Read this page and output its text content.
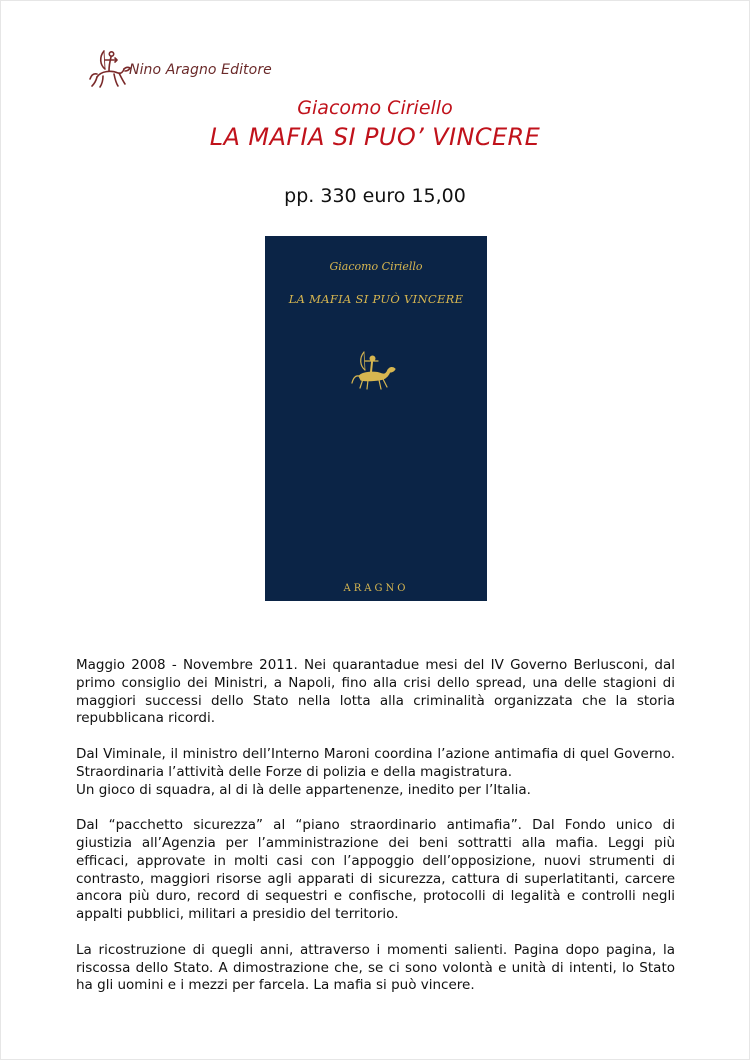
Nino Aragno Editore
Giacomo Ciriello
LA MAFIA SI PUO’ VINCERE
pp. 330 euro 15,00
Giacomo Ciriello
LA MAFIA SI PUÒ VINCERE
ARAGNO

Maggio 2008 - Novembre 2011. Nei quarantadue mesi del IV Governo Berlusconi, dal primo consiglio dei Ministri, a Napoli, fino alla crisi dello spread, una delle stagioni di maggiori successi dello Stato nella lotta alla criminalità organizzata che la storia repubblicana ricordi.

Dal Viminale, il ministro dell’Interno Maroni coordina l’azione antimafia di quel Governo. Straordinaria l’attività delle Forze di polizia e della magistratura.
Un gioco di squadra, al di là delle appartenenze, inedito per l’Italia.

Dal “pacchetto sicurezza” al “piano straordinario antimafia”. Dal Fondo unico di giustizia all’Agenzia per l’amministrazione dei beni sottratti alla mafia. Leggi più efficaci, approvate in molti casi con l’appoggio dell’opposizione, nuovi strumenti di contrasto, maggiori risorse agli apparati di sicurezza, cattura di superlatitanti, carcere ancora più duro, record di sequestri e confische, protocolli di legalità e controlli negli appalti pubblici, militari a presidio del territorio.

La ricostruzione di quegli anni, attraverso i momenti salienti. Pagina dopo pagina, la riscossa dello Stato. A dimostrazione che, se ci sono volontà e unità di intenti, lo Stato ha gli uomini e i mezzi per farcela. La mafia si può vincere.
